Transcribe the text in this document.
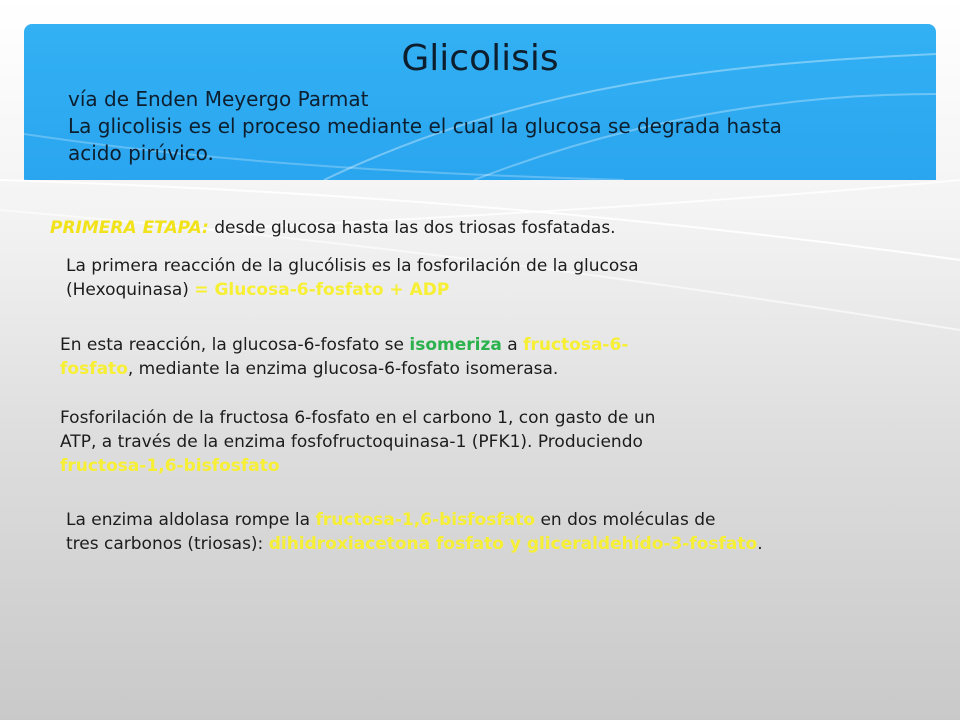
Glicolisis
vía de Enden Meyergo Parmat
La glicolisis es el proceso mediante el cual la glucosa se degrada hasta
acido pirúvico.
PRIMERA ETAPA: desde glucosa hasta las dos triosas fosfatadas.
La primera reacción de la glucólisis es la fosforilación de la glucosa
(Hexoquinasa) = Glucosa-6-fosfato + ADP
En esta reacción, la glucosa-6-fosfato se isomeriza a fructosa-6-
fosfato, mediante la enzima glucosa-6-fosfato isomerasa.
Fosforilación de la fructosa 6-fosfato en el carbono 1, con gasto de un
ATP, a través de la enzima fosfofructoquinasa-1 (PFK1). Produciendo
fructosa-1,6-bisfosfato
La enzima aldolasa rompe la fructosa-1,6-bisfosfato en dos moléculas de
tres carbonos (triosas): dihidroxiacetona fosfato y gliceraldehído-3-fosfato.
